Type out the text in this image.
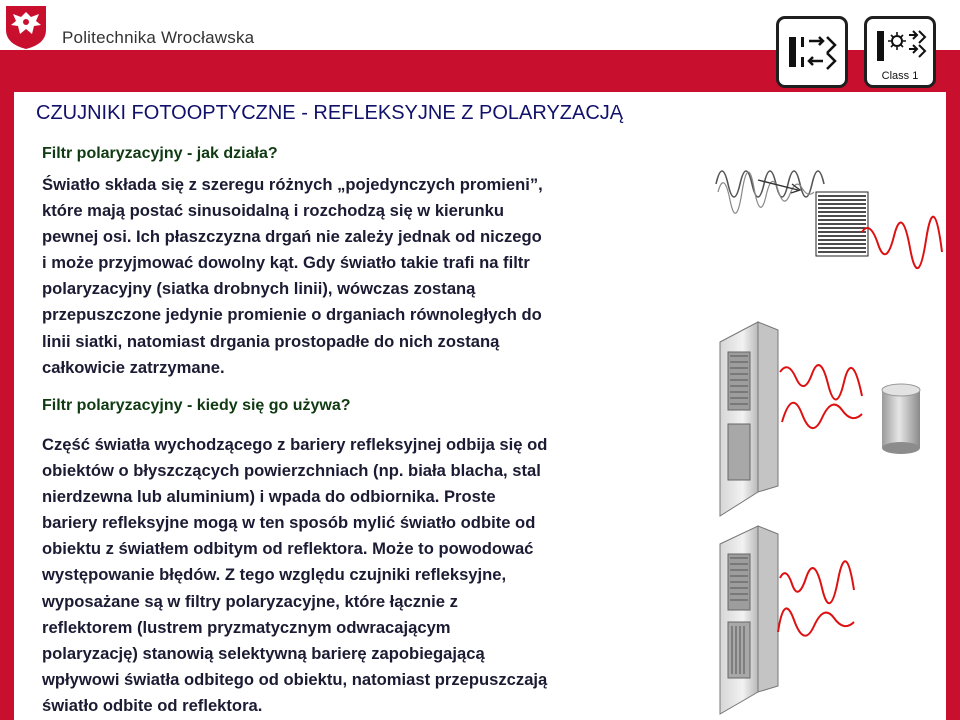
Politechnika Wrocławska
Class 1
CZUJNIKI FOTOOPTYCZNE - REFLEKSYJNE Z POLARYZACJĄ
Filtr polaryzacyjny - jak działa?
Światło składa się z szeregu różnych „pojedynczych promieni”,
które mają postać sinusoidalną i rozchodzą się w kierunku
pewnej osi. Ich płaszczyzna drgań nie zależy jednak od niczego
i może przyjmować dowolny kąt. Gdy światło takie trafi na filtr
polaryzacyjny (siatka drobnych linii), wówczas zostaną
przepuszczone jedynie promienie o drganiach równoległych do
linii siatki, natomiast drgania prostopadłe do nich zostaną
całkowicie zatrzymane.
Filtr polaryzacyjny - kiedy się go używa?
Część światła wychodzącego z bariery refleksyjnej odbija się od
obiektów o błyszczących powierzchniach (np. biała blacha, stal
nierdzewna lub aluminium) i wpada do odbiornika. Proste
bariery refleksyjne mogą w ten sposób mylić światło odbite od
obiektu z światłem odbitym od reflektora. Może to powodować
występowanie błędów. Z tego względu czujniki refleksyjne,
wyposażane są w filtry polaryzacyjne, które łącznie z
reflektorem (lustrem pryzmatycznym odwracającym
polaryzację) stanowią selektywną barierę zapobiegającą
wpływowi światła odbitego od obiektu, natomiast przepuszczają
światło odbite od reflektora.
